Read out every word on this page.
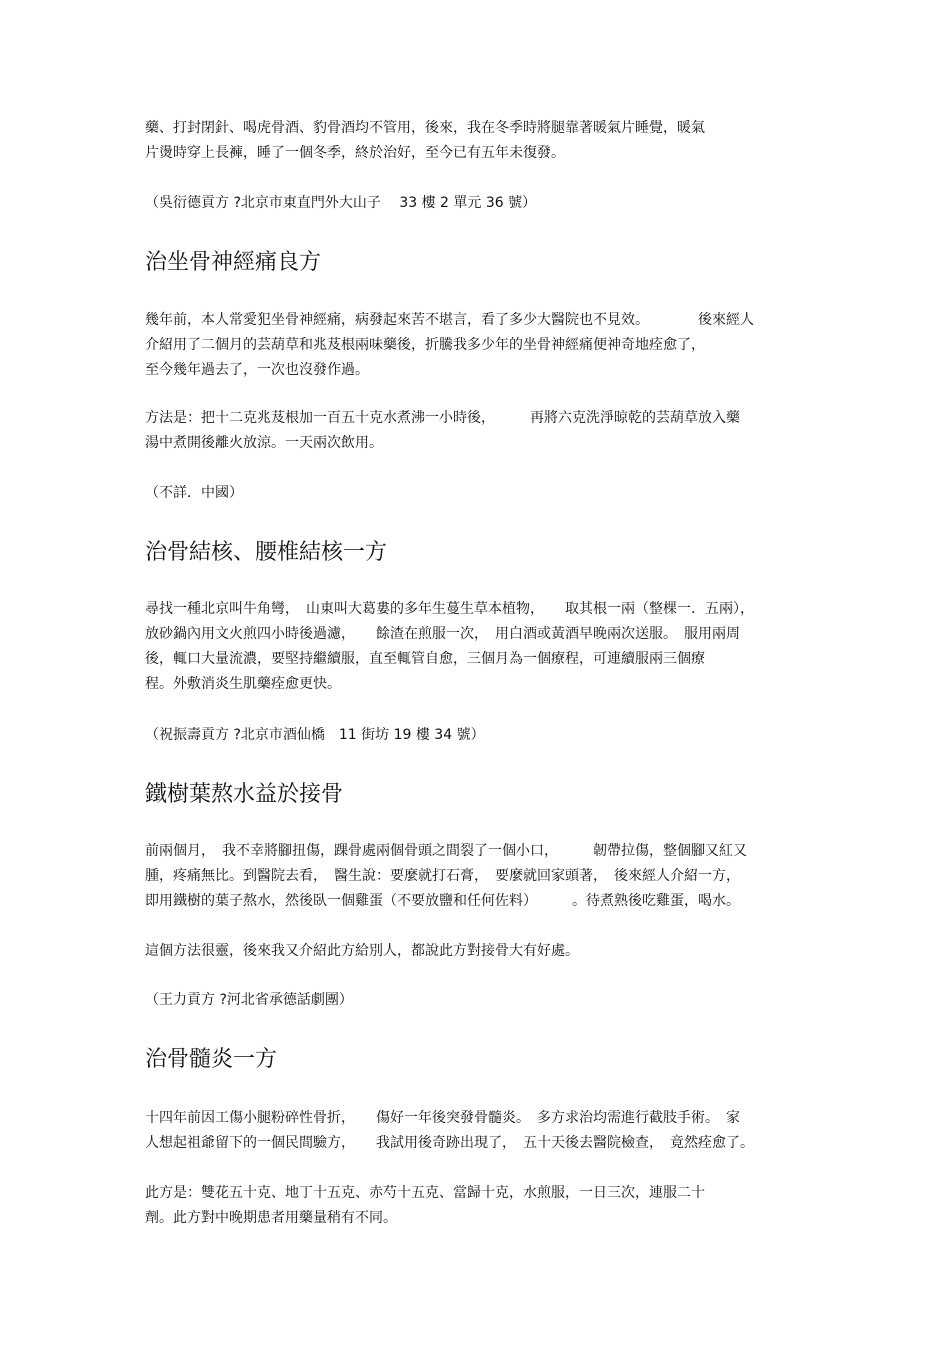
藥、打封閉針、喝虎骨酒、豹骨酒均不管用，後來，我在冬季時將腿靠著暖氣片睡覺，暖氣
片燙時穿上長褲，睡了一個冬季，終於治好，至今已有五年未復發。
（吳衍德貢方 ?北京市東直門外大山子　 33 樓 2 單元 36 號）
治坐骨神經痛良方
幾年前，本人常愛犯坐骨神經痛，病發起來苦不堪言，看了多少大醫院也不見效。　　　　後來經人
介紹用了二個月的芸葫草和兆芨根兩味藥後，折騰我多少年的坐骨神經痛便神奇地痊愈了，
至今幾年過去了，一次也沒發作過。
方法是：把十二克兆芨根加一百五十克水煮沸一小時後，　　　再將六克洗淨晾乾的芸葫草放入藥
湯中煮開後離火放涼。一天兩次飲用。
（不詳．中國）
治骨結核、腰椎結核一方
尋找一種北京叫牛角彎，　山東叫大葛婁的多年生蔓生草本植物，　　取其根一兩（整棵一．五兩），
放砂鍋內用文火煎四小時後過濾，　　餘渣在煎服一次，　用白酒或黃酒早晚兩次送服。　服用兩周
後，輒口大量流濃，要堅持繼續服，直至輒管自愈，三個月為一個療程，可連續服兩三個療
程。外敷消炎生肌藥痊愈更快。
（祝振壽貢方 ?北京市酒仙橋　11 街坊 19 樓 34 號）
鐵樹葉熬水益於接骨
前兩個月，　我不幸將腳扭傷，踝骨處兩個骨頭之間裂了一個小口，　　　韌帶拉傷，整個腳又紅又
腫，疼痛無比。到醫院去看，　醫生說：要麼就打石膏，　要麼就回家頭著，　後來經人介紹一方，
即用鐵樹的葉子熬水，然後臥一個雞蛋（不要放鹽和任何佐料）　　　。待煮熟後吃雞蛋，喝水。
這個方法很靈，後來我又介紹此方給別人，都說此方對接骨大有好處。
（王力貢方 ?河北省承德話劇團）
治骨髓炎一方
十四年前因工傷小腿粉碎性骨折，　　傷好一年後突發骨髓炎。　多方求治均需進行截肢手術。　家
人想起祖爺留下的一個民間驗方，　　我試用後奇跡出現了，　五十天後去醫院檢查，　竟然痊愈了。
此方是：雙花五十克、地丁十五克、赤芍十五克、當歸十克，水煎服，一日三次，連服二十
劑。此方對中晚期患者用藥量稍有不同。
